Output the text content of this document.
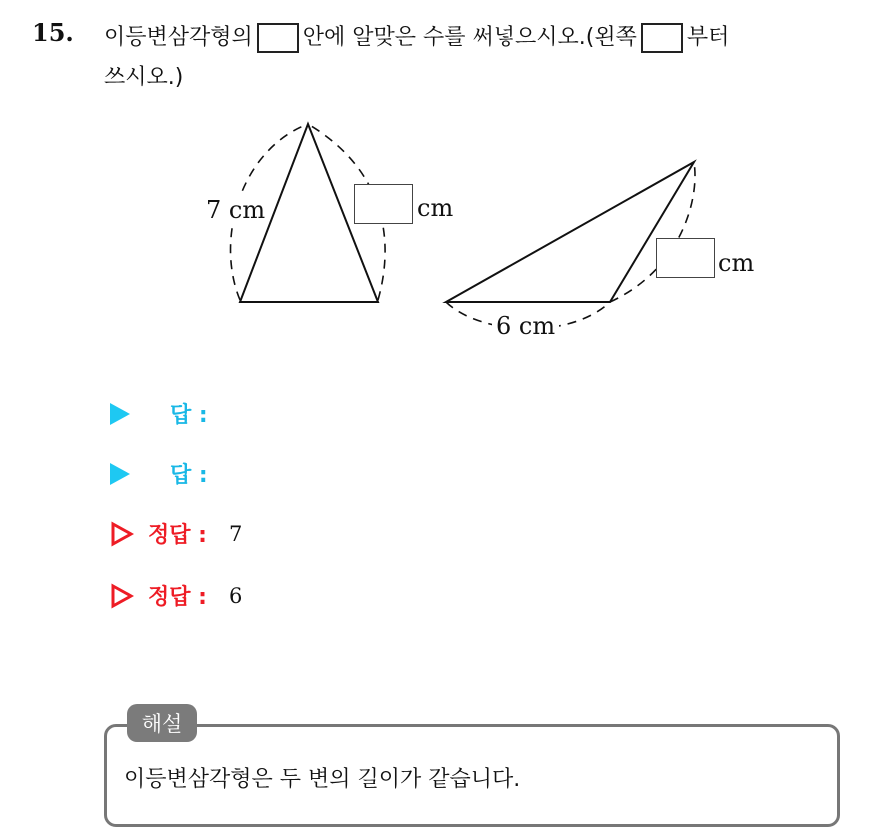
15. 이등변삼각형의 안에 알맞은 수를 써넣으시오.(왼쪽 부터
쓰시오.)
7 cm	cm
cm
6 cm
답 :
답 :
정답 : 7
정답 : 6
해설
이등변삼각형은 두 변의 길이가 같습니다.
